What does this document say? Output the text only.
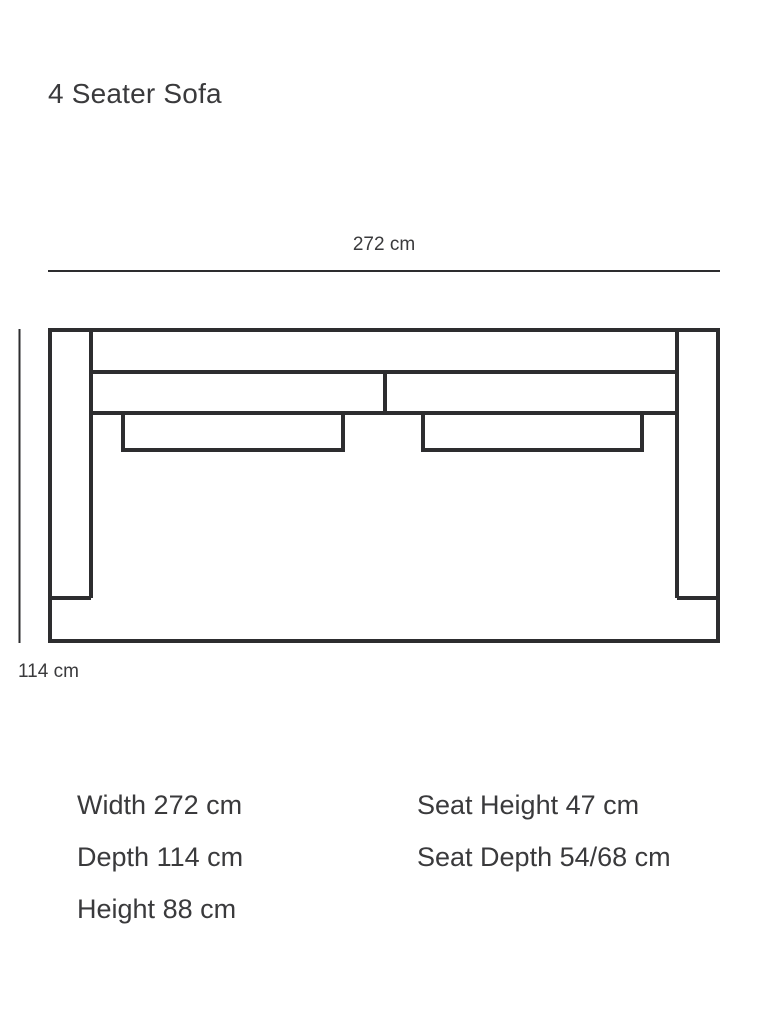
4 Seater Sofa
272 cm
114 cm
Width 272 cm
Depth 114 cm
Height 88 cm
Seat Height 47 cm
Seat Depth 54/68 cm
